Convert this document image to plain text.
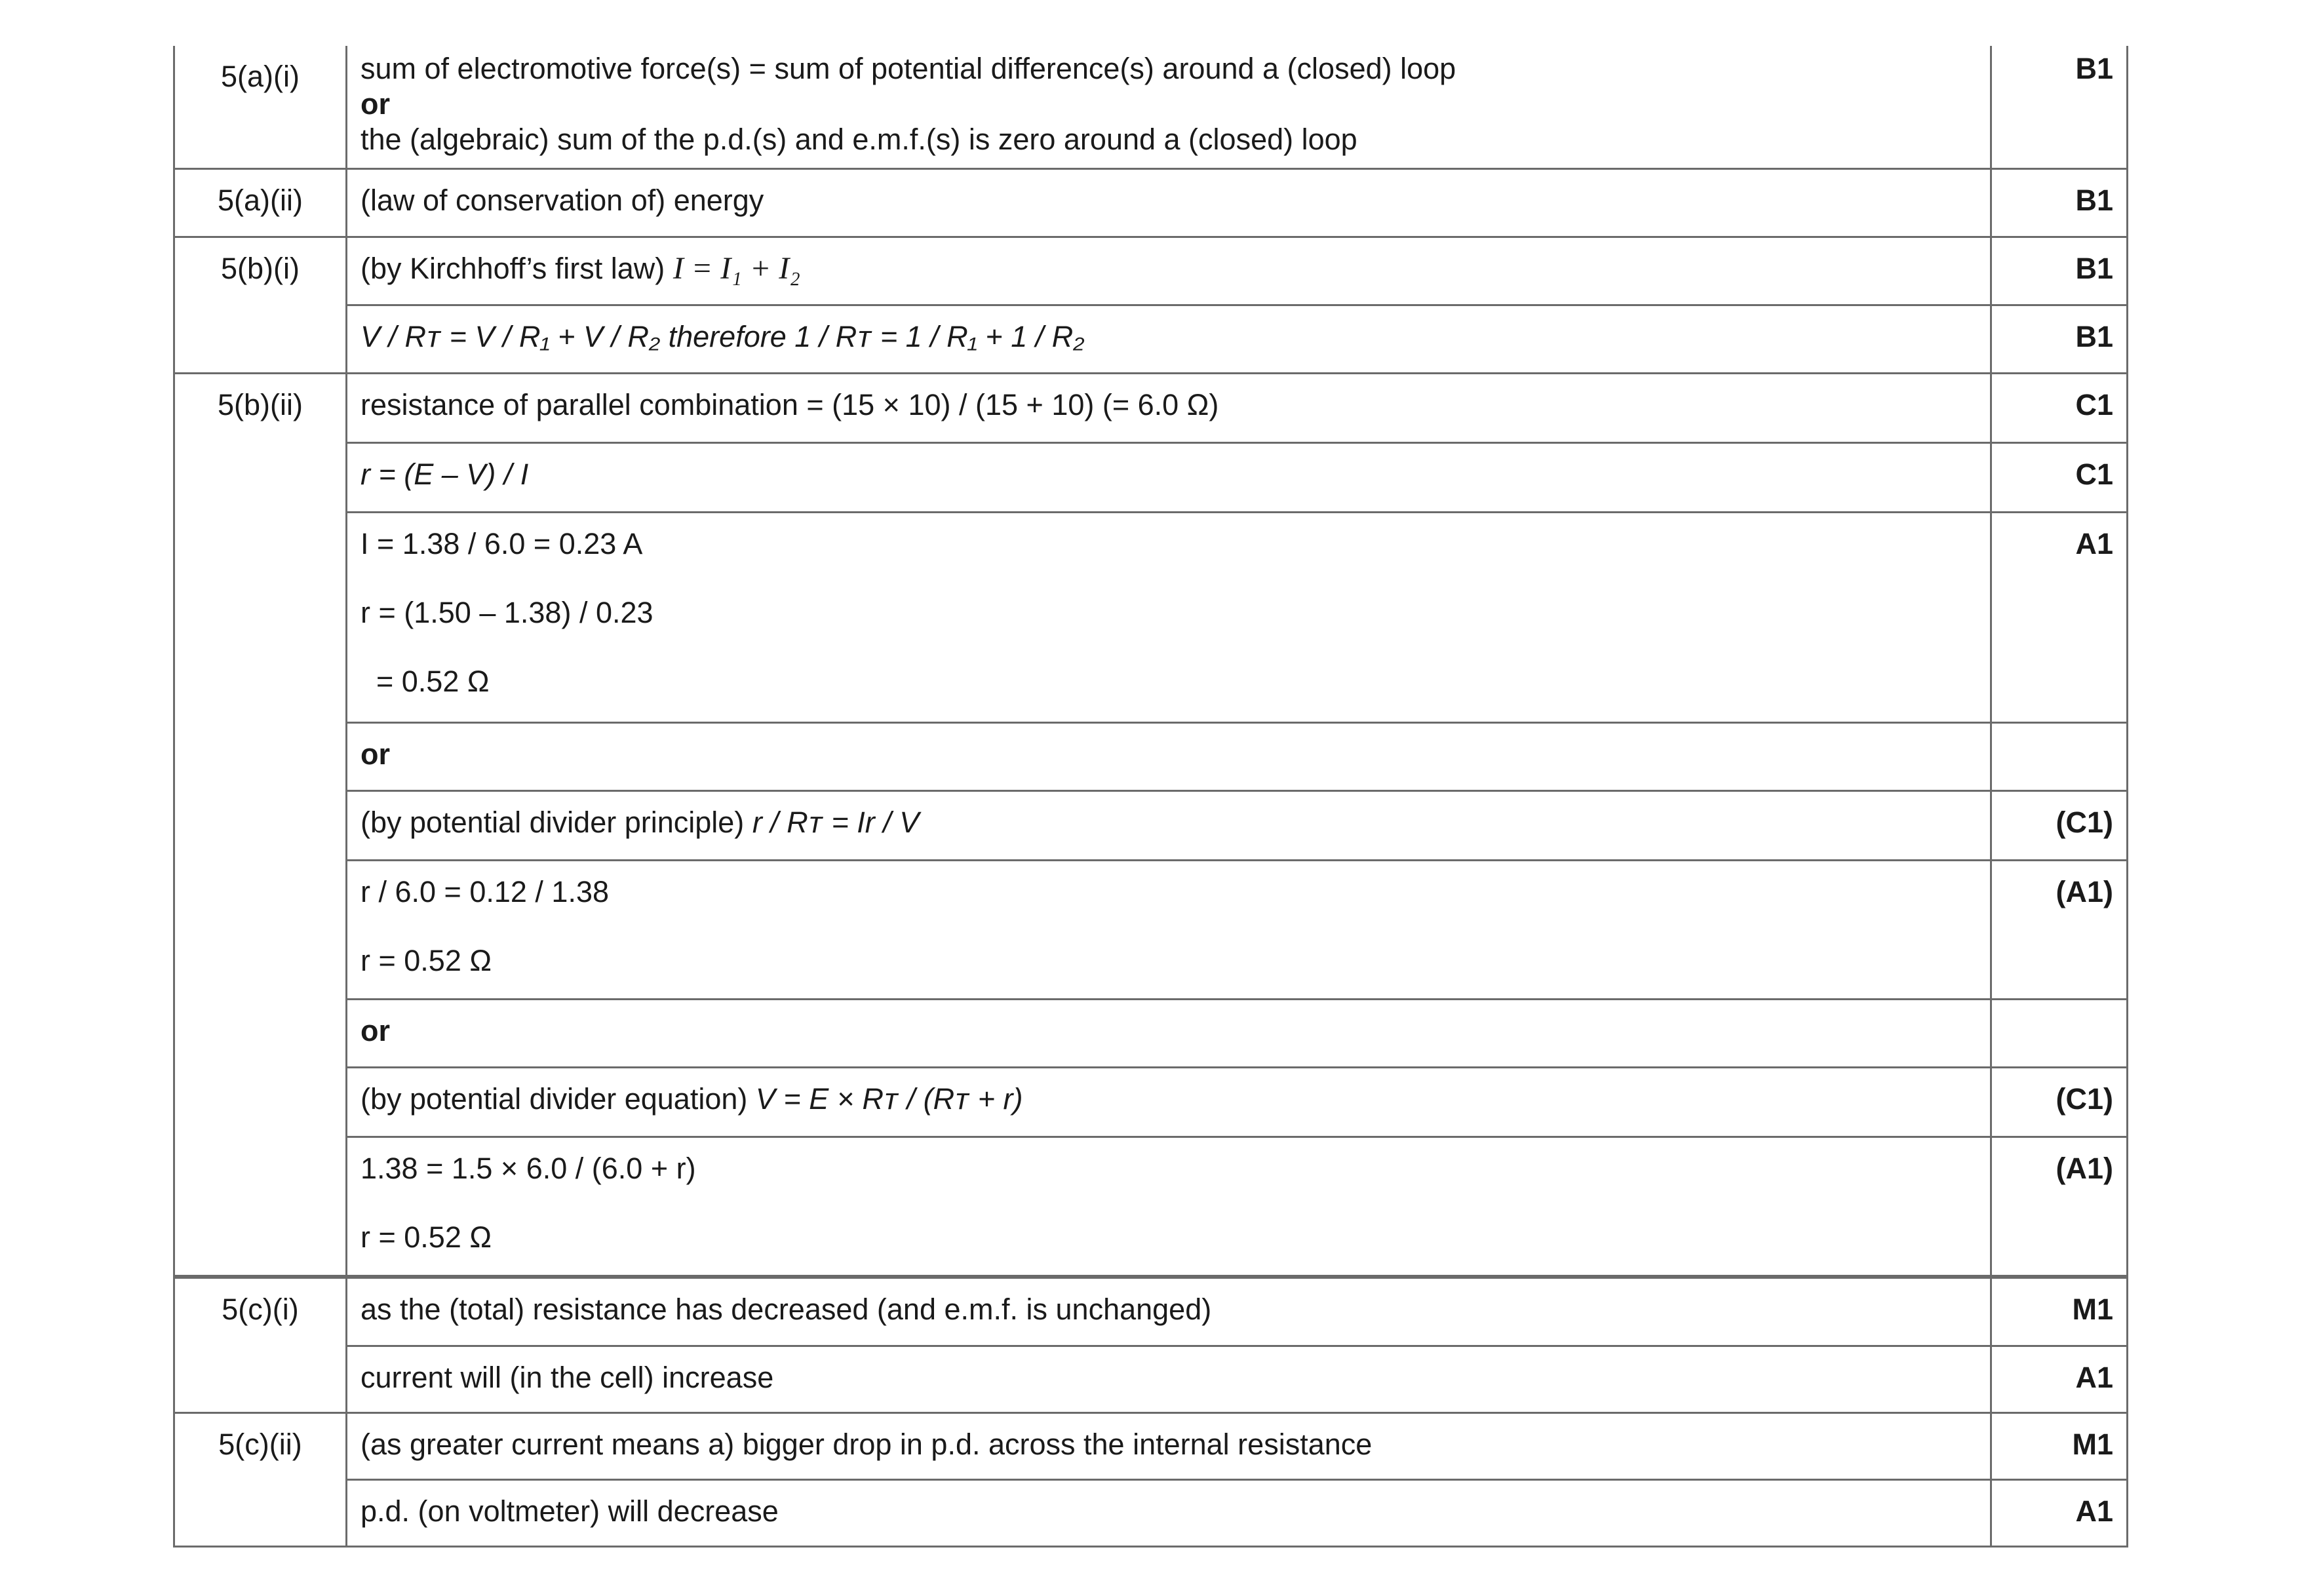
5(a)(i)	sum of electromotive force(s) = sum of potential difference(s) around a (closed) loop
or
the (algebraic) sum of the p.d.(s) and e.m.f.(s) is zero around a (closed) loop	B1
5(a)(ii)	(law of conservation of) energy	B1
5(b)(i)	(by Kirchhoff’s first law) I = I₁ + I₂	B1
	V / Rᴛ = V / R₁ + V / R₂ therefore 1 / Rᴛ = 1 / R₁ + 1 / R₂	B1
5(b)(ii)	resistance of parallel combination = (15 × 10) / (15 + 10) (= 6.0 Ω)	C1
	r = (E – V) / I	C1

	I = 1.38 / 6.0 = 0.23 A
r = (1.50 – 1.38) / 0.23
= 0.52 Ω	A1
	or	
	(by potential divider principle) r / Rᴛ = Ir / V	(C1)

	r / 6.0 = 0.12 / 1.38
r = 0.52 Ω	(A1)
	or	
	(by potential divider equation) V = E × Rᴛ / (Rᴛ + r)	(C1)

	1.38 = 1.5 × 6.0 / (6.0 + r)
r = 0.52 Ω	(A1)
5(c)(i)	as the (total) resistance has decreased (and e.m.f. is unchanged)	M1
	current will (in the cell) increase	A1
5(c)(ii)	(as greater current means a) bigger drop in p.d. across the internal resistance	M1
	p.d. (on voltmeter) will decrease	A1
